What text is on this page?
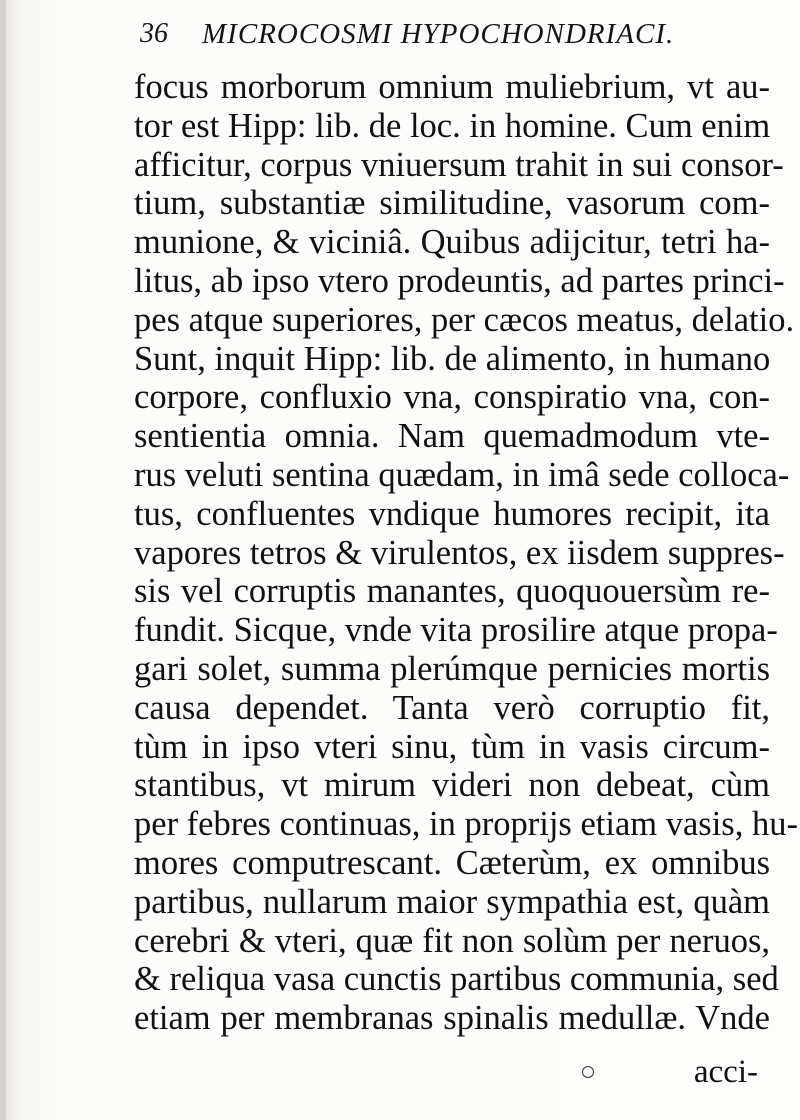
36 MICROCOSMI HYPOCHONDRIACI.
focus morborum omnium muliebrium, vt au-
tor est Hipp: lib. de loc. in homine. Cum enim
afficitur, corpus vniuersum trahit in sui consor-
tium, substantiæ similitudine, vasorum com-
munione, & viciniâ. Quibus adijcitur, tetri ha-
litus, ab ipso vtero prodeuntis, ad partes princi-
pes atque superiores, per cæcos meatus, delatio.
Sunt, inquit Hipp: lib. de alimento, in humano
corpore, confluxio vna, conspiratio vna, con-
sentientia omnia. Nam quemadmodum vte-
rus veluti sentina quædam, in imâ sede colloca-
tus, confluentes vndique humores recipit, ita
vapores tetros & virulentos, ex iisdem suppres-
sis vel corruptis manantes, quoquouersùm re-
fundit. Sicque, vnde vita prosilire atque propa-
gari solet, summa plerúmque pernicies mortis
causa dependet. Tanta verò corruptio fit,
tùm in ipso vteri sinu, tùm in vasis circum-
stantibus, vt mirum videri non debeat, cùm
per febres continuas, in proprijs etiam vasis, hu-
mores computrescant. Cæterùm, ex omnibus
partibus, nullarum maior sympathia est, quàm
cerebri & vteri, quæ fit non solùm per neruos,
& reliqua vasa cunctis partibus communia, sed
etiam per membranas spinalis medullæ. Vnde
acci-
